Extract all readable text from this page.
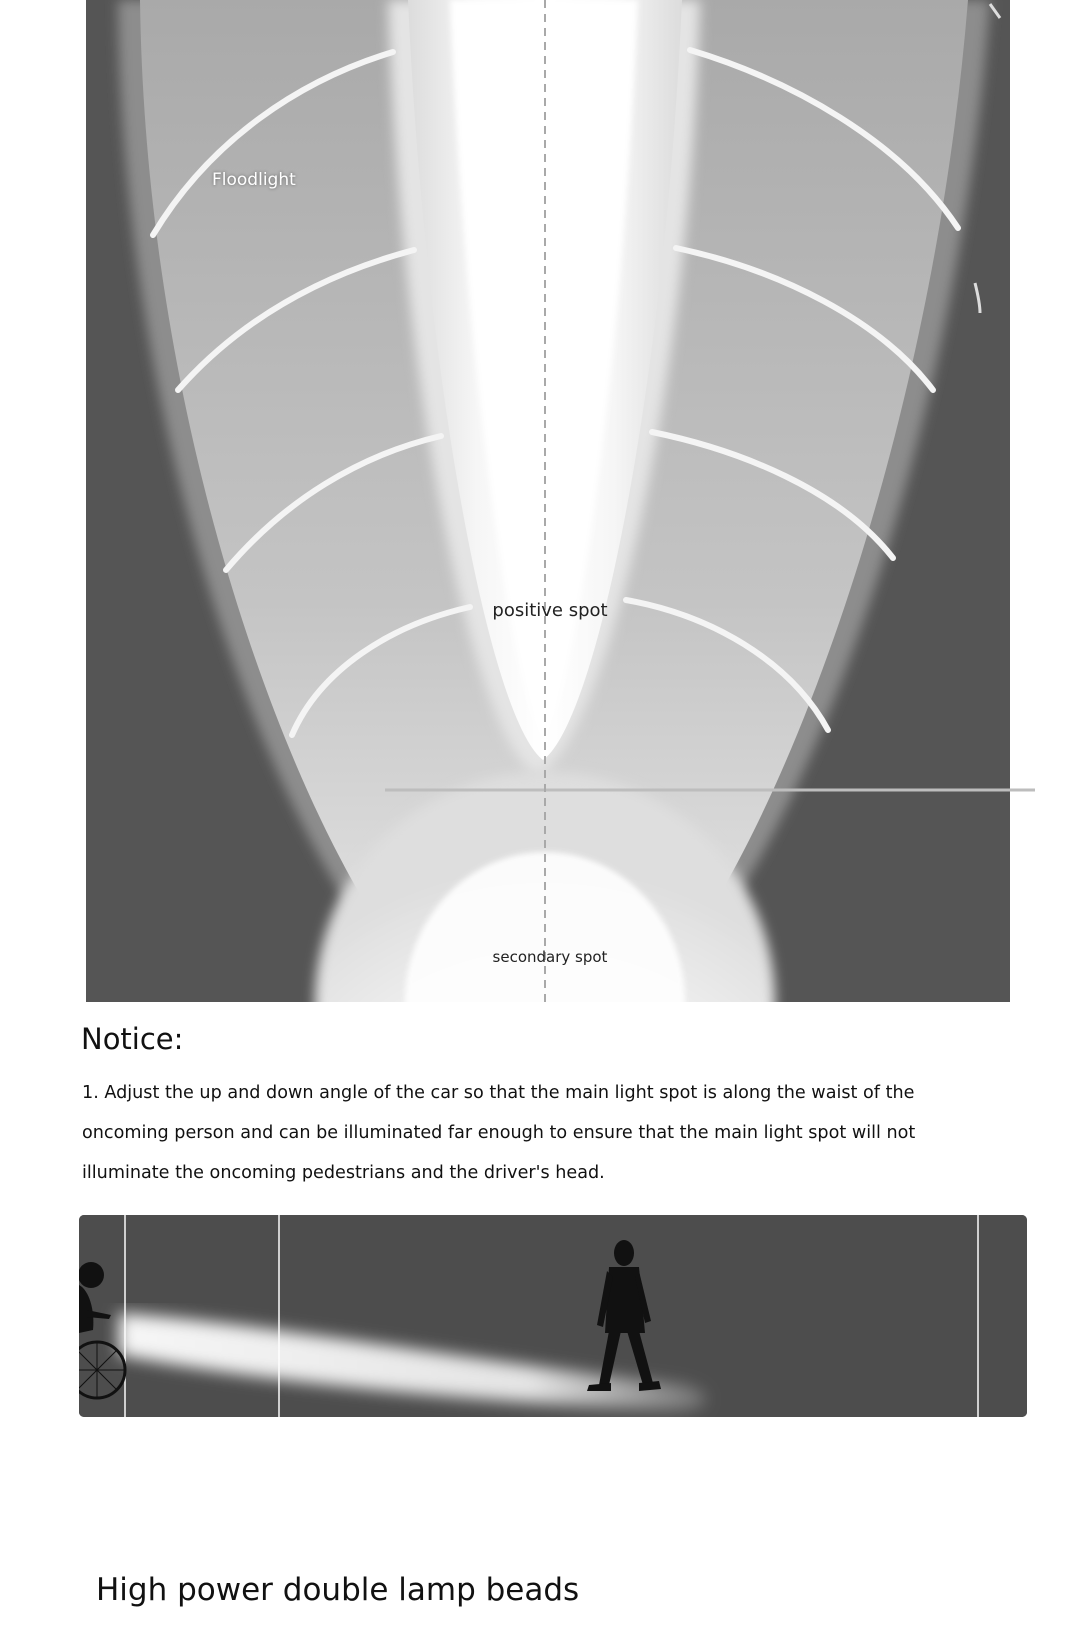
Floodlight
positive spot
secondary spot
Notice:
1. Adjust the up and down angle of the car so that the main light spot is along the waist of the oncoming person and can be illuminated far enough to ensure that the main light spot will not illuminate the oncoming pedestrians and the driver's head.
High power double lamp beads
